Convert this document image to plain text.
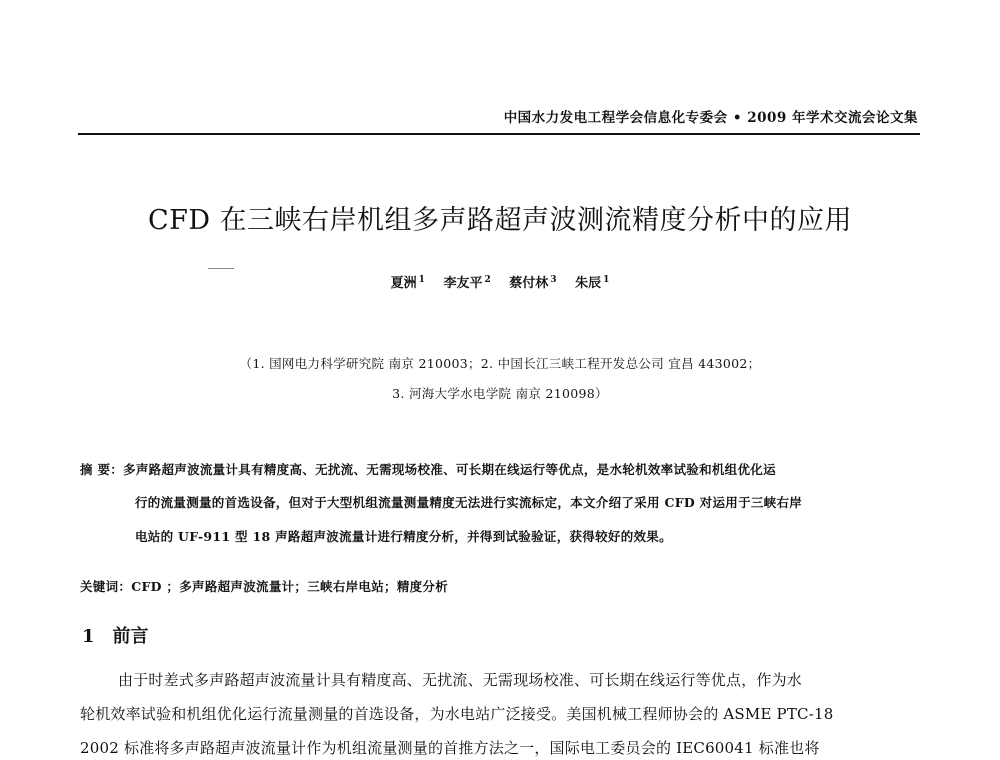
中国水力发电工程学会信息化专委会 • 2009 年学术交流会论文集
CFD 在三峡右岸机组多声路超声波测流精度分析中的应用
夏洲 $^1$ 李友平 $^2$ 蔡付林 $^3$ 朱辰 $^1$
（1. 国网电力科学研究院 南京 210003；2. 中国长江三峡工程开发总公司 宜昌 443002；
3. 河海大学水电学院 南京 210098）
摘 要：多声路超声波流量计具有精度高、无扰流、无需现场校准、可长期在线运行等优点，是水轮机效率试验和机组优化运
行的流量测量的首选设备，但对于大型机组流量测量精度无法进行实流标定，本文介绍了采用 CFD 对运用于三峡右岸
电站的 UF-911 型 18 声路超声波流量计进行精度分析，并得到试验验证，获得较好的效果。
关键词：CFD ；多声路超声波流量计；三峡右岸电站；精度分析
1 前言
由于时差式多声路超声波流量计具有精度高、无扰流、无需现场校准、可长期在线运行等优点，作为水
轮机效率试验和机组优化运行流量测量的首选设备，为水电站广泛接受。美国机械工程师协会的 ASME PTC-18
2002 标准将多声路超声波流量计作为机组流量测量的首推方法之一，国际电工委员会的 IEC60041 标准也将
